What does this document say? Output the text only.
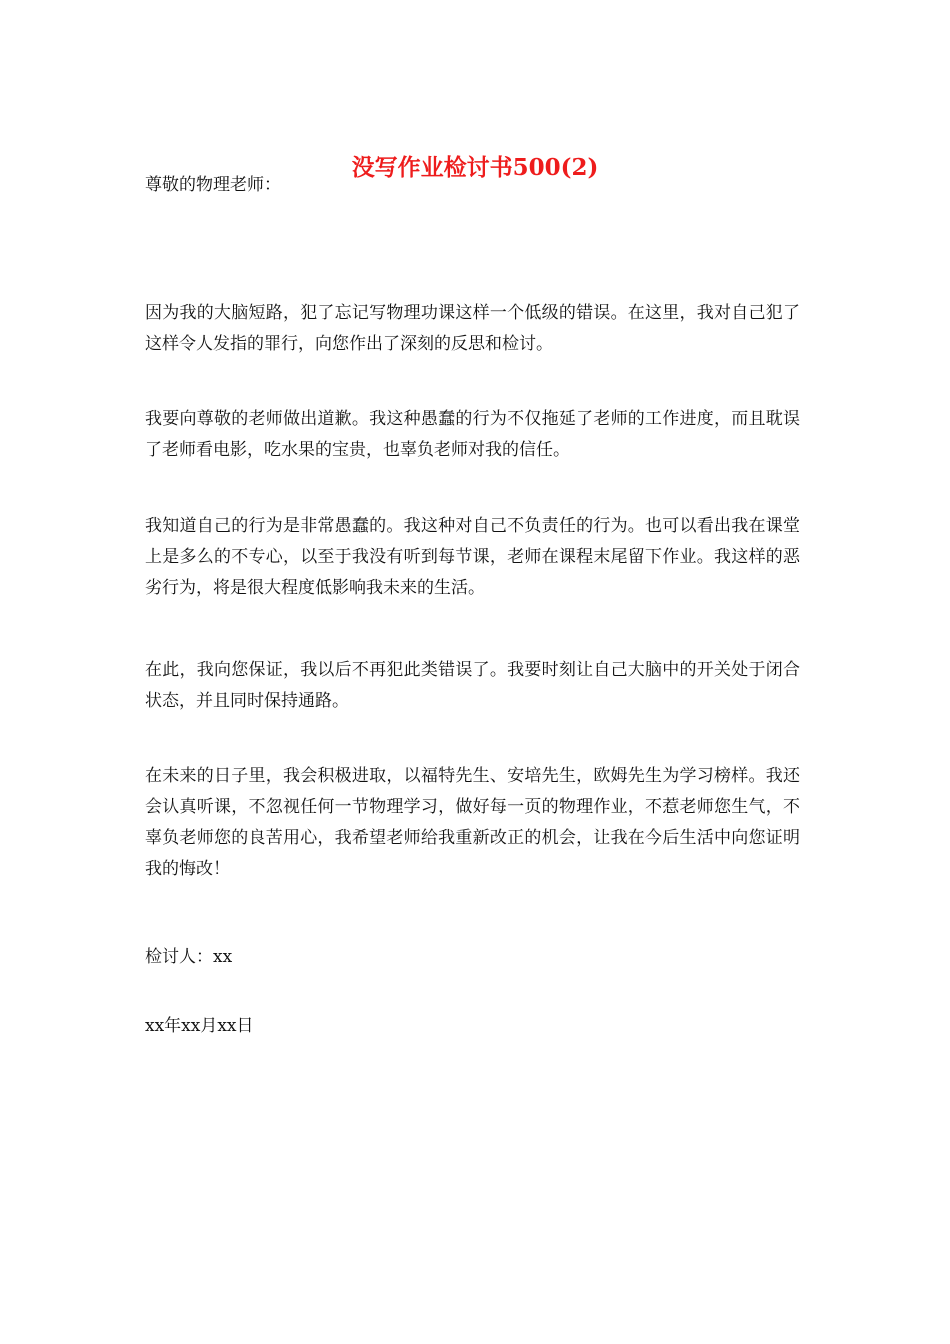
没写作业检讨书500(2)

尊敬的物理老师：

因为我的大脑短路，犯了忘记写物理功课这样一个低级的错误。在这里，我对自己犯了这样令人发指的罪行，向您作出了深刻的反思和检讨。

我要向尊敬的老师做出道歉。我这种愚蠢的行为不仅拖延了老师的工作进度，而且耽误了老师看电影，吃水果的宝贵，也辜负老师对我的信任。

我知道自己的行为是非常愚蠢的。我这种对自己不负责任的行为。也可以看出我在课堂上是多么的不专心，以至于我没有听到每节课，老师在课程末尾留下作业。我这样的恶劣行为，将是很大程度低影响我未来的生活。

在此，我向您保证，我以后不再犯此类错误了。我要时刻让自己大脑中的开关处于闭合状态，并且同时保持通路。

在未来的日子里，我会积极进取，以福特先生、安培先生，欧姆先生为学习榜样。我还会认真听课，不忽视任何一节物理学习，做好每一页的物理作业，不惹老师您生气，不辜负老师您的良苦用心，我希望老师给我重新改正的机会，让我在今后生活中向您证明我的悔改！

检讨人：xx

xx年xx月xx日
